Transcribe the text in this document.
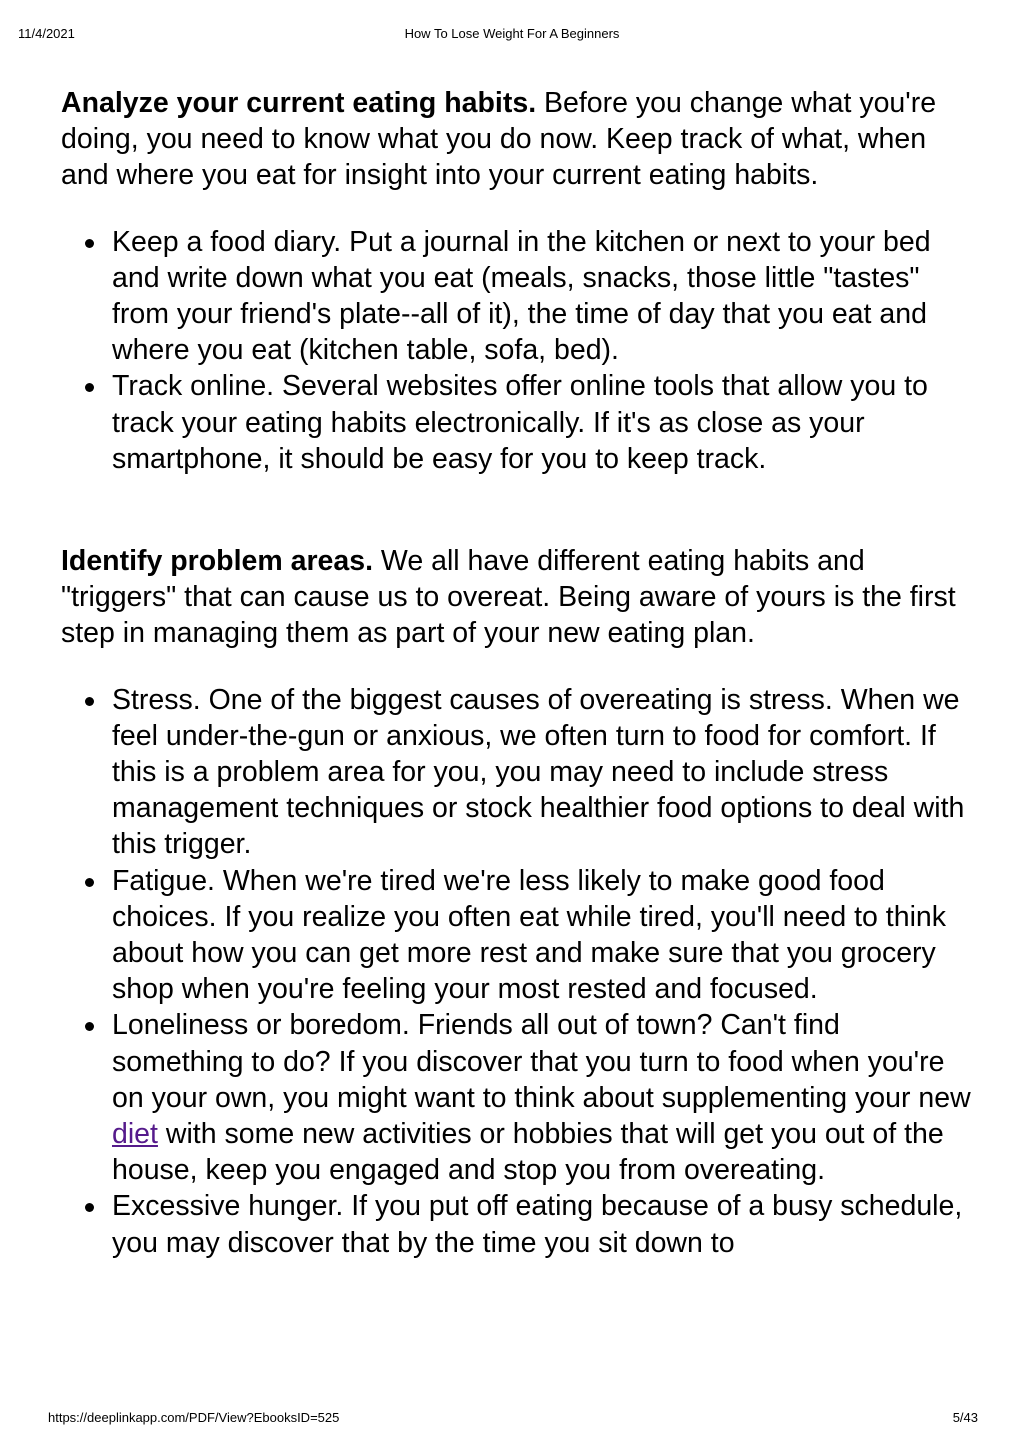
11/4/2021	How To Lose Weight For A Beginners

Analyze your current eating habits. Before you change what you're doing, you need to know what you do now. Keep track of what, when and where you eat for insight into your current eating habits.

Keep a food diary. Put a journal in the kitchen or next to your bed and write down what you eat (meals, snacks, those little "tastes" from your friend's plate--all of it), the time of day that you eat and where you eat (kitchen table, sofa, bed).
Track online. Several websites offer online tools that allow you to track your eating habits electronically. If it's as close as your smartphone, it should be easy for you to keep track.

Identify problem areas. We all have different eating habits and "triggers" that can cause us to overeat. Being aware of yours is the first step in managing them as part of your new eating plan.

Stress. One of the biggest causes of overeating is stress. When we feel under-the-gun or anxious, we often turn to food for comfort. If this is a problem area for you, you may need to include stress management techniques or stock healthier food options to deal with this trigger.
Fatigue. When we're tired we're less likely to make good food choices. If you realize you often eat while tired, you'll need to think about how you can get more rest and make sure that you grocery shop when you're feeling your most rested and focused.
Loneliness or boredom. Friends all out of town? Can't find something to do? If you discover that you turn to food when you're on your own, you might want to think about supplementing your new diet with some new activities or hobbies that will get you out of the house, keep you engaged and stop you from overeating.
Excessive hunger. If you put off eating because of a busy schedule, you may discover that by the time you sit down to
https://deeplinkapp.com/PDF/View?EbooksID=525	5/43
